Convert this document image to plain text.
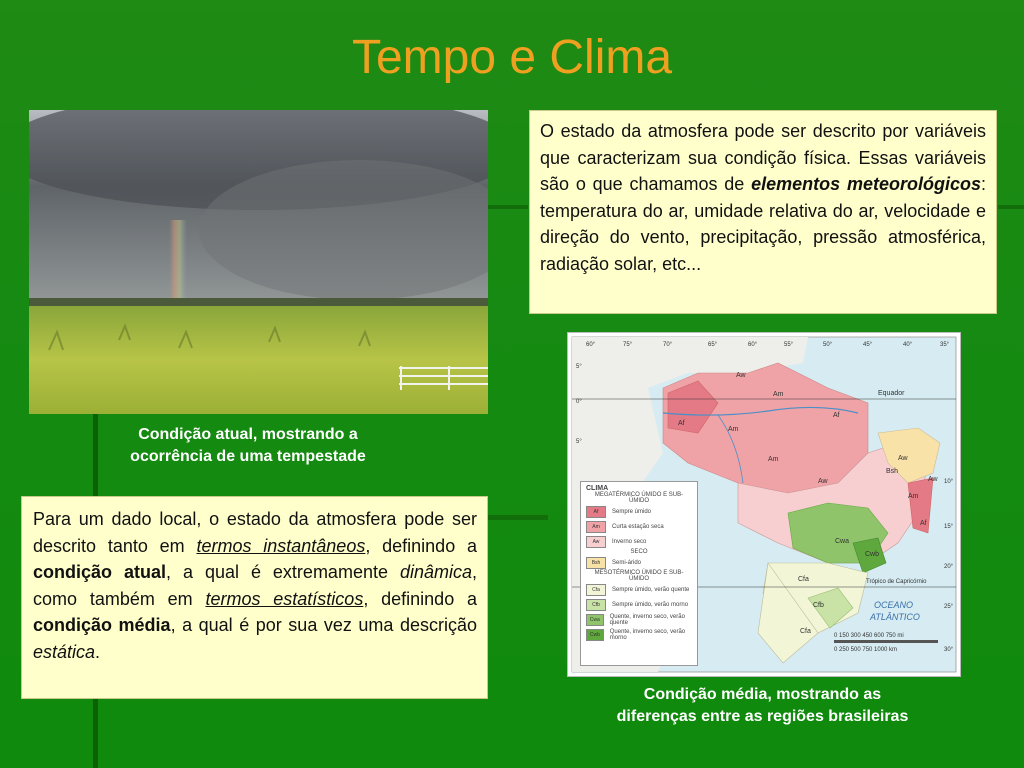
Tempo e Clima
Condição atual, mostrando a
ocorrência de uma tempestade
O estado da atmosfera pode ser descrito por variáveis que caracterizam sua condição física. Essas variáveis são o que chamamos de elementos meteorológicos: temperatura do ar, umidade relativa do ar, velocidade e direção do vento, precipitação, pressão atmosférica, radiação solar, etc...
Para um dado local, o estado da atmosfera pode ser descrito tanto em termos instantâneos, definindo a condição atual, a qual é extremamente dinâmica, como também em termos estatísticos, definindo a condição média, a qual é por sua vez uma descrição estática.
Equador
Trópico de Capricórnio
OCEANO
ATLÂNTICO
0 150 300 450 600 750 mi
0 250 500 750 1000 km
60°	75°	70°	65°	60°	55°	50°	45°	40°	35°
5°
0°
5°
10°
15°
20°
25°
30°
Aw
Am
Af
Af
Am
Am
Aw
Aw
Bsh
Aw
Am
Af
Cwa
Cwb
Cfa
Cfb
Cfa
CLIMA
MEGATÉRMICO ÚMIDO E SUB-ÚMIDO
Af	Sempre úmido
Am	Curta estação seca
Aw	Inverno seco
SECO
Bsh	Semi-árido
MESOTÉRMICO ÚMIDO E SUB-ÚMIDO
Cfa	Sempre úmido, verão quente
Cfb	Sempre úmido, verão morno
Cwa	Quente, inverno seco, verão quente
Cwb	Quente, inverno seco, verão morno
Condição média, mostrando as
diferenças entre as regiões brasileiras
